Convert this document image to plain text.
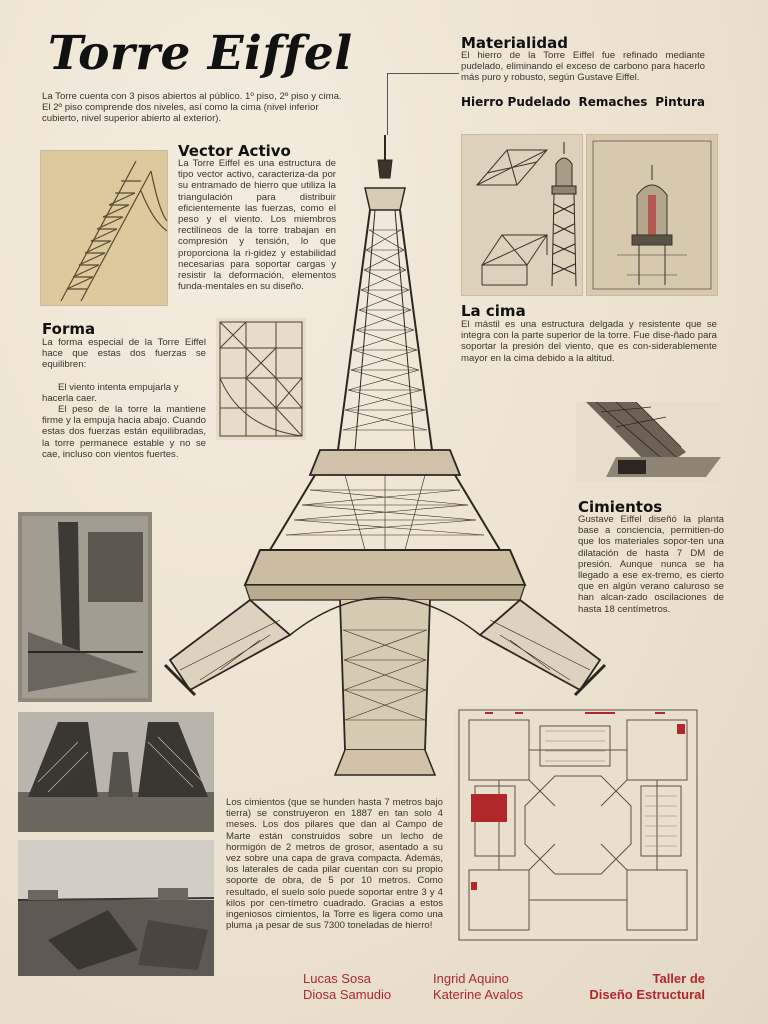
Torre Eiffel

La Torre cuenta con 3 pisos abiertos al público. 1º piso, 2º piso y cima. El 2º piso comprende dos niveles, así como la cima (nivel inferior cubierto, nivel superior abierto al exterior).

Vector Activo

La Torre Eiffel es una estructura de tipo vector activo, caracteriza-da por su entramado de hierro que utiliza la triangulación para distribuir eficientemente las fuerzas, como el peso y el viento. Los miembros rectilíneos de la torre trabajan en compresión y tensión, lo que proporciona la ri-gidez y estabilidad necesarias para soportar cargas y resistir la deformación, elementos funda-mentales en su diseño.

Forma

La forma especial de la Torre Eiffel hace que estas dos fuerzas se equilibren:

El viento intenta empujarla y hacerla caer.

El peso de la torre la mantiene firme y la empuja hacia abajo. Cuando estas dos fuerzas están equilibradas, la torre permanece estable y no se cae, incluso con vientos fuertes.

Materialidad

El hierro de la Torre Eiffel fue refinado mediante pudelado, eliminando el exceso de carbono para hacerlo más puro y robusto, según Gustave Eiffel.

Hierro Pudelado Remaches Pintura
La cima

El mástil es una estructura delgada y resistente que se integra con la parte superior de la torre. Fue dise-ñado para soportar la presión del viento, que es con-siderablemente mayor en la cima debido a la altitud.

Cimientos

Gustave Eiffel diseñó la planta base a conciencia, permitien-do que los materiales sopor-ten una dilatación de hasta 7 DM de presión. Aunque nunca se ha llegado a ese ex-tremo, es cierto que en algún verano caluroso se han alcan-zado oscilaciones de hasta 18 centímetros.

Los cimientos (que se hunden hasta 7 metros bajo tierra) se construyeron en 1887 en tan solo 4 meses. Los dos pilares que dan al Campo de Marte están construidos sobre un lecho de hormigón de 2 metros de grosor, asentado a su vez sobre una capa de grava compacta. Además, los laterales de cada pilar cuentan con su propio soporte de obra, de 5 por 10 metros. Como resultado, el suelo solo puede soportar entre 3 y 4 kilos por cen-tímetro cuadrado. Gracias a estos ingeniosos cimientos, la Torre es ligera como una pluma ¡a pesar de sus 7300 toneladas de hierro!

Lucas Sosa
Diosa Samudio
Ingrid Aquino
Katerine Avalos
Taller de
Diseño Estructural
